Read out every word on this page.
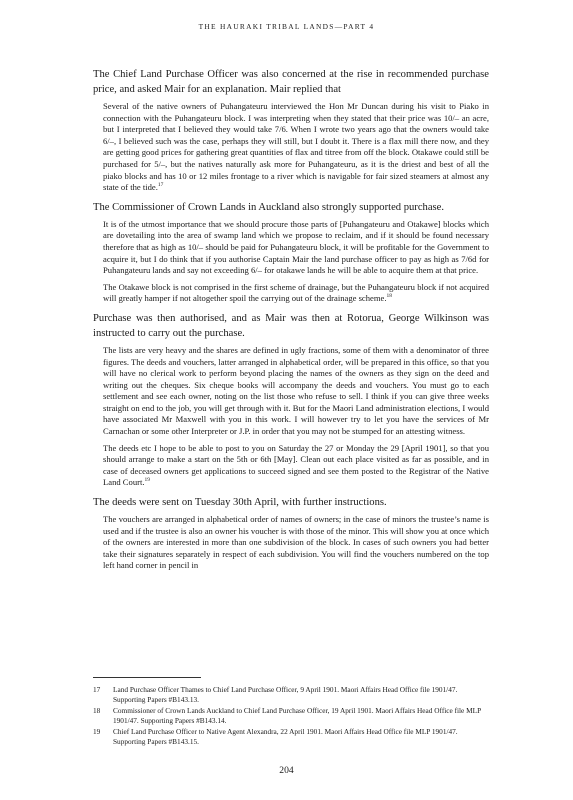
THE HAURAKI TRIBAL LANDS—PART 4

The Chief Land Purchase Officer was also concerned at the rise in recommended purchase price, and asked Mair for an explanation. Mair replied that

Several of the native owners of Puhangateuru interviewed the Hon Mr Duncan during his visit to Piako in connection with the Puhangateuru block. I was interpreting when they stated that their price was 10/– an acre, but I interpreted that I believed they would take 7/6. When I wrote two years ago that the owners would take 6/–, I believed such was the case, perhaps they will still, but I doubt it. There is a flax mill there now, and they are getting good prices for gathering great quantities of flax and titree from off the block. Otakawe could still be purchased for 5/–, but the natives naturally ask more for Puhangateuru, as it is the driest and best of all the piako blocks and has 10 or 12 miles frontage to a river which is navigable for fair sized steamers at almost any state of the tide.$^{17}$

The Commissioner of Crown Lands in Auckland also strongly supported purchase.

It is of the utmost importance that we should procure those parts of [Puhangateuru and Otakawe] blocks which are dovetailing into the area of swamp land which we propose to reclaim, and if it should be found necessary therefore that as high as 10/– should be paid for Puhangateuru block, it will be profitable for the Government to acquire it, but I do think that if you authorise Captain Mair the land purchase officer to pay as high as 7/6d for Puhangateuru lands and say not exceeding 6/– for otakawe lands he will be able to acquire them at that price.

The Otakawe block is not comprised in the first scheme of drainage, but the Puhangateuru block if not acquired will greatly hamper if not altogether spoil the carrying out of the drainage scheme.$^{18}$

Purchase was then authorised, and as Mair was then at Rotorua, George Wilkinson was instructed to carry out the purchase.

The lists are very heavy and the shares are defined in ugly fractions, some of them with a denominator of three figures. The deeds and vouchers, latter arranged in alphabetical order, will be prepared in this office, so that you will have no clerical work to perform beyond placing the names of the owners as they sign on the deed and writing out the cheques. Six cheque books will accompany the deeds and vouchers. You must go to each settlement and see each owner, noting on the list those who refuse to sell. I think if you can give three weeks straight on end to the job, you will get through with it. But for the Maori Land administration elections, I would have associated Mr Maxwell with you in this work. I will however try to let you have the services of Mr Carnachan or some other Interpreter or J.P. in order that you may not be stumped for an attesting witness.

The deeds etc I hope to be able to post to you on Saturday the 27 or Monday the 29 [April 1901], so that you should arrange to make a start on the 5th or 6th [May]. Clean out each place visited as far as possible, and in case of deceased owners get applications to succeed signed and see them posted to the Registrar of the Native Land Court.$^{19}$

The deeds were sent on Tuesday 30th April, with further instructions.

The vouchers are arranged in alphabetical order of names of owners; in the case of minors the trustee’s name is used and if the trustee is also an owner his voucher is with those of the minor. This will show you at once which of the owners are interested in more than one subdivision of the block. In cases of such owners you had better take their signatures separately in respect of each subdivision. You will find the vouchers numbered on the top left hand corner in pencil in

17	Land Purchase Officer Thames to Chief Land Purchase Officer, 9 April 1901. Maori Affairs Head Office file 1901/47. Supporting Papers #B143.13.
18	Commissioner of Crown Lands Auckland to Chief Land Purchase Officer, 19 April 1901. Maori Affairs Head Office file MLP 1901/47. Supporting Papers #B143.14.
19	Chief Land Purchase Officer to Native Agent Alexandra, 22 April 1901. Maori Affairs Head Office file MLP 1901/47. Supporting Papers #B143.15.
204
